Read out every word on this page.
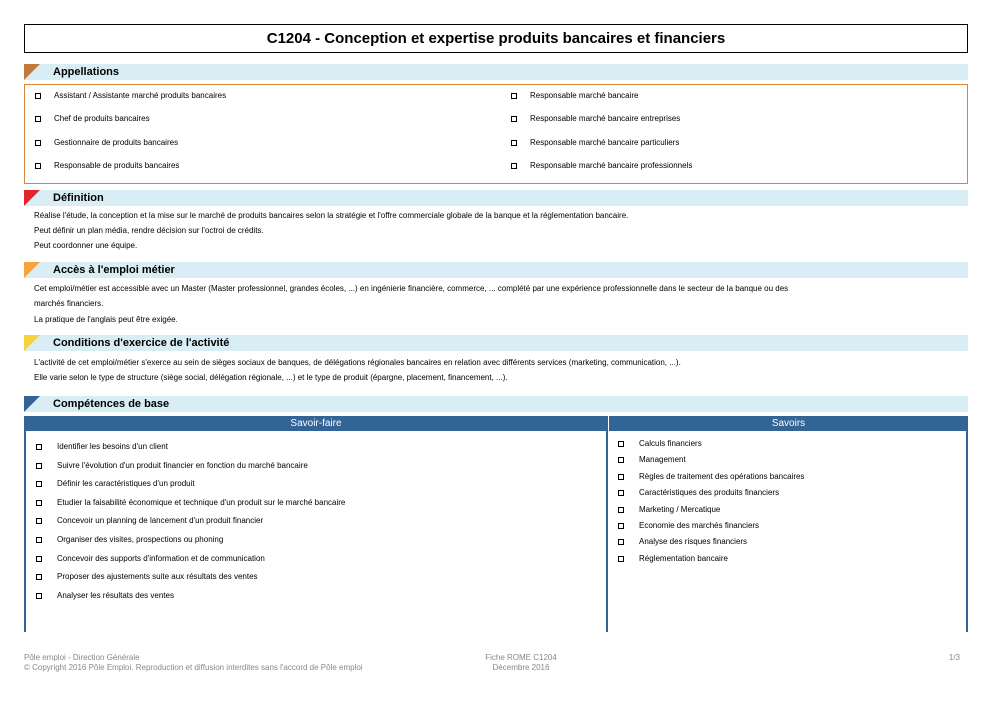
C1204 - Conception et expertise produits bancaires et financiers
Appellations
Assistant / Assistante marché produits bancaires
Chef de produits bancaires
Gestionnaire de produits bancaires
Responsable de produits bancaires
Responsable marché bancaire
Responsable marché bancaire entreprises
Responsable marché bancaire particuliers
Responsable marché bancaire professionnels
Définition
Réalise l'étude, la conception et la mise sur le marché de produits bancaires selon la stratégie et l'offre commerciale globale de la banque et la réglementation bancaire.
Peut définir un plan média, rendre décision sur l'octroi de crédits.
Peut coordonner une équipe.
Accès à l'emploi métier
Cet emploi/métier est accessible avec un Master (Master professionnel, grandes écoles, ...) en ingénierie financière, commerce, ... complété par une expérience professionnelle dans le secteur de la banque ou des
marchés financiers.
La pratique de l'anglais peut être exigée.
Conditions d'exercice de l'activité
L'activité de cet emploi/métier s'exerce au sein de sièges sociaux de banques, de délégations régionales bancaires en relation avec différents services (marketing, communication, ...).
Elle varie selon le type de structure (siège social, délégation régionale, ...) et le type de produit (épargne, placement, financement, ...).
Compétences de base
Savoir-faire	Savoirs
Identifier les besoins d'un client
Suivre l'évolution d'un produit financier en fonction du marché bancaire
Définir les caractéristiques d'un produit
Etudier la faisabilité économique et technique d'un produit sur le marché bancaire
Concevoir un planning de lancement d'un produit financier
Organiser des visites, prospections ou phoning
Concevoir des supports d'information et de communication
Proposer des ajustements suite aux résultats des ventes
Analyser les résultats des ventes
Calculs financiers
Management
Règles de traitement des opérations bancaires
Caractéristiques des produits financiers
Marketing / Mercatique
Economie des marchés financiers
Analyse des risques financiers
Réglementation bancaire
Pôle emploi - Direction Générale
© Copyright 2016 Pôle Emploi. Reproduction et diffusion interdites sans l'accord de Pôle emploi
Fiche ROME C1204
Décembre 2016
1/3
